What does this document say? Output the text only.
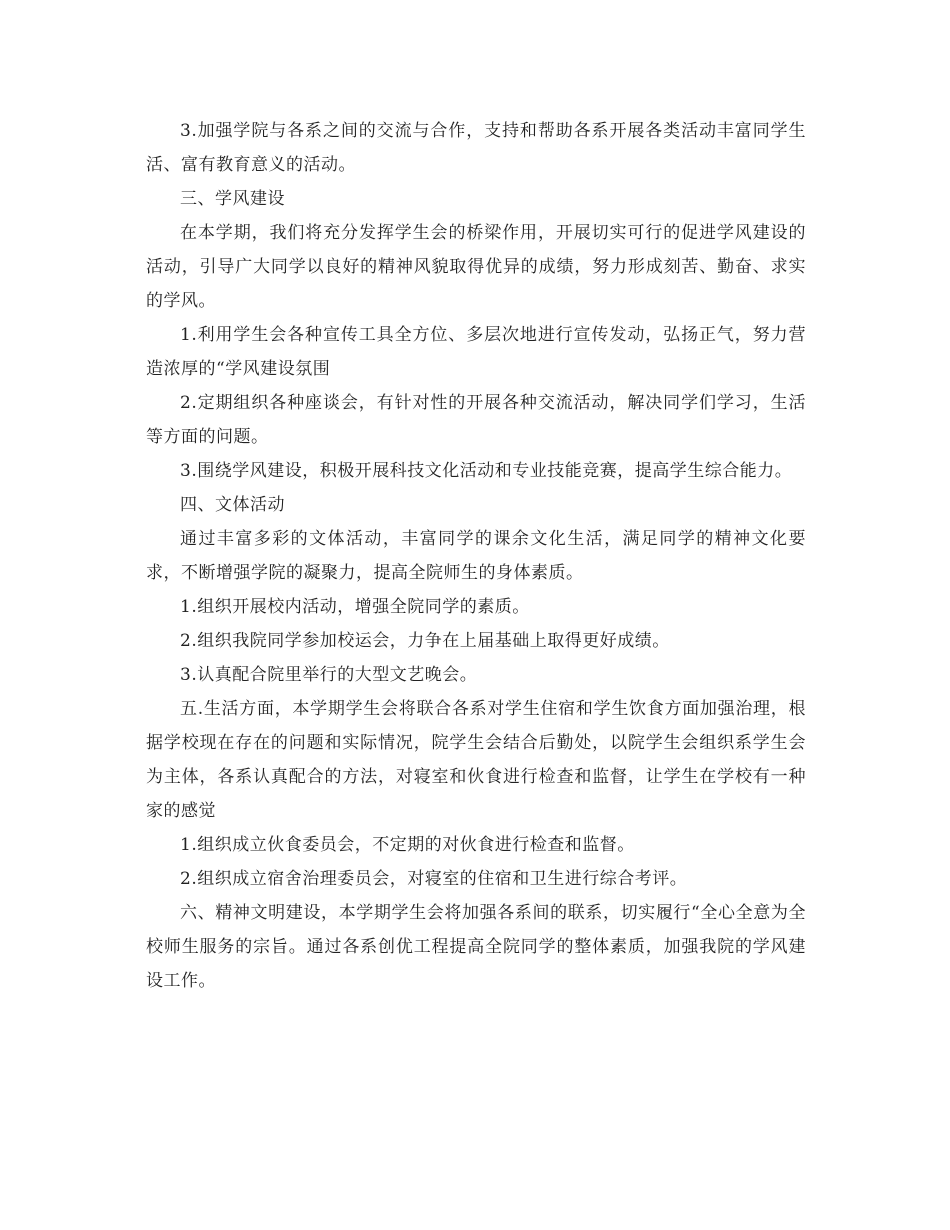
3.加强学院与各系之间的交流与合作，支持和帮助各系开展各类活动丰富同学生活、富有教育意义的活动。

三、学风建设

在本学期，我们将充分发挥学生会的桥梁作用，开展切实可行的促进学风建设的活动，引导广大同学以良好的精神风貌取得优异的成绩，努力形成刻苦、勤奋、求实的学风。

1.利用学生会各种宣传工具全方位、多层次地进行宣传发动，弘扬正气，努力营造浓厚的“学风建设氛围

2.定期组织各种座谈会，有针对性的开展各种交流活动，解决同学们学习，生活等方面的问题。

3.围绕学风建设，积极开展科技文化活动和专业技能竞赛，提高学生综合能力。

四、文体活动

通过丰富多彩的文体活动，丰富同学的课余文化生活，满足同学的精神文化要求，不断增强学院的凝聚力，提高全院师生的身体素质。

1.组织开展校内活动，增强全院同学的素质。

2.组织我院同学参加校运会，力争在上届基础上取得更好成绩。

3.认真配合院里举行的大型文艺晚会。

五.生活方面，本学期学生会将联合各系对学生住宿和学生饮食方面加强治理，根据学校现在存在的问题和实际情况，院学生会结合后勤处，以院学生会组织系学生会为主体，各系认真配合的方法，对寝室和伙食进行检查和监督，让学生在学校有一种家的感觉

1.组织成立伙食委员会，不定期的对伙食进行检查和监督。

2.组织成立宿舍治理委员会，对寝室的住宿和卫生进行综合考评。

六、精神文明建设，本学期学生会将加强各系间的联系，切实履行“全心全意为全校师生服务的宗旨。通过各系创优工程提高全院同学的整体素质，加强我院的学风建设工作。
